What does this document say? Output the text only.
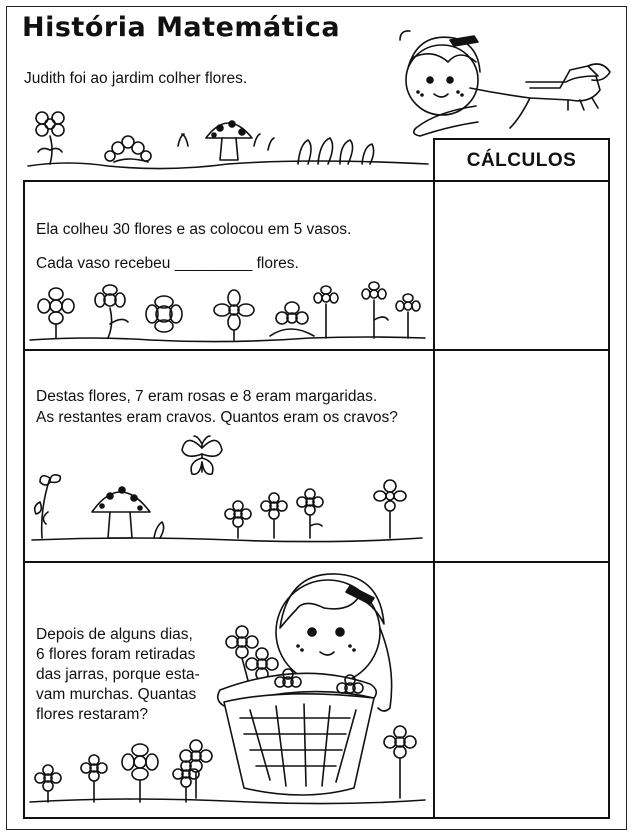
História Matemática

Judith foi ao jardim colher flores.

CÁLCULOS

Ela colheu 30 flores e as colocou em 5 vasos.

Cada vaso recebeu _________ flores.

Destas flores, 7 eram rosas e 8 eram margaridas.

As restantes eram cravos. Quantos eram os cravos?

Depois de alguns dias,

6 flores foram retiradas

das jarras, porque esta-

vam murchas. Quantas

flores restaram?
